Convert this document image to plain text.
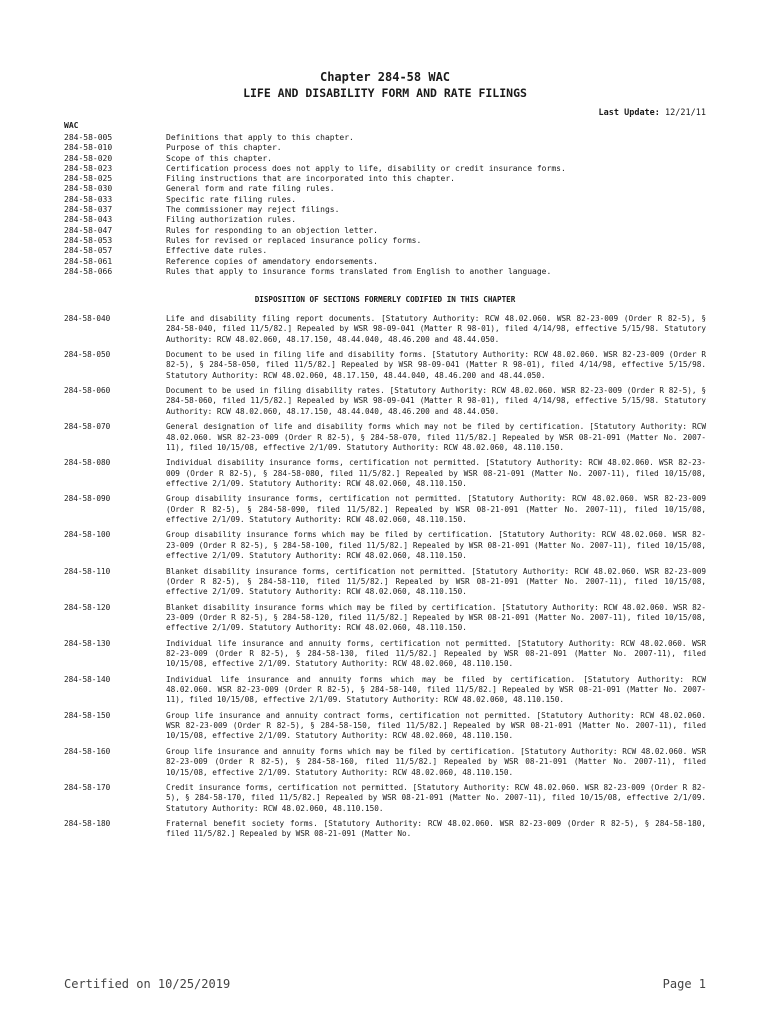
Chapter 284-58 WAC
LIFE AND DISABILITY FORM AND RATE FILINGS
Last Update: 12/21/11
WAC
284-58-005	Definitions that apply to this chapter.
284-58-010	Purpose of this chapter.
284-58-020	Scope of this chapter.
284-58-023	Certification process does not apply to life, disability or credit insurance forms.
284-58-025	Filing instructions that are incorporated into this chapter.
284-58-030	General form and rate filing rules.
284-58-033	Specific rate filing rules.
284-58-037	The commissioner may reject filings.
284-58-043	Filing authorization rules.
284-58-047	Rules for responding to an objection letter.
284-58-053	Rules for revised or replaced insurance policy forms.
284-58-057	Effective date rules.
284-58-061	Reference copies of amendatory endorsements.
284-58-066	Rules that apply to insurance forms translated from English to another language.
DISPOSITION OF SECTIONS FORMERLY CODIFIED IN THIS CHAPTER
284-58-040	Life and disability filing report documents. [Statutory Authority: RCW 48.02.060. WSR 82-23-009 (Order R 82-5), § 284-58-040, filed 11/5/82.] Repealed by WSR 98-09-041 (Matter R 98-01), filed 4/14/98, effective 5/15/98. Statutory Authority: RCW 48.02.060, 48.17.150, 48.44.040, 48.46.200 and 48.44.050.
284-58-050	Document to be used in filing life and disability forms. [Statutory Authority: RCW 48.02.060. WSR 82-23-009 (Order R 82-5), § 284-58-050, filed 11/5/82.] Repealed by WSR 98-09-041 (Matter R 98-01), filed 4/14/98, effective 5/15/98. Statutory Authority: RCW 48.02.060, 48.17.150, 48.44.040, 48.46.200 and 48.44.050.
284-58-060	Document to be used in filing disability rates. [Statutory Authority: RCW 48.02.060. WSR 82-23-009 (Order R 82-5), § 284-58-060, filed 11/5/82.] Repealed by WSR 98-09-041 (Matter R 98-01), filed 4/14/98, effective 5/15/98. Statutory Authority: RCW 48.02.060, 48.17.150, 48.44.040, 48.46.200 and 48.44.050.
284-58-070	General designation of life and disability forms which may not be filed by certification. [Statutory Authority: RCW 48.02.060. WSR 82-23-009 (Order R 82-5), § 284-58-070, filed 11/5/82.] Repealed by WSR 08-21-091 (Matter No. 2007-11), filed 10/15/08, effective 2/1/09. Statutory Authority: RCW 48.02.060, 48.110.150.
284-58-080	Individual disability insurance forms, certification not permitted. [Statutory Authority: RCW 48.02.060. WSR 82-23-009 (Order R 82-5), § 284-58-080, filed 11/5/82.] Repealed by WSR 08-21-091 (Matter No. 2007-11), filed 10/15/08, effective 2/1/09. Statutory Authority: RCW 48.02.060, 48.110.150.
284-58-090	Group disability insurance forms, certification not permitted. [Statutory Authority: RCW 48.02.060. WSR 82-23-009 (Order R 82-5), § 284-58-090, filed 11/5/82.] Repealed by WSR 08-21-091 (Matter No. 2007-11), filed 10/15/08, effective 2/1/09. Statutory Authority: RCW 48.02.060, 48.110.150.
284-58-100	Group disability insurance forms which may be filed by certification. [Statutory Authority: RCW 48.02.060. WSR 82-23-009 (Order R 82-5), § 284-58-100, filed 11/5/82.] Repealed by WSR 08-21-091 (Matter No. 2007-11), filed 10/15/08, effective 2/1/09. Statutory Authority: RCW 48.02.060, 48.110.150.
284-58-110	Blanket disability insurance forms, certification not permitted. [Statutory Authority: RCW 48.02.060. WSR 82-23-009 (Order R 82-5), § 284-58-110, filed 11/5/82.] Repealed by WSR 08-21-091 (Matter No. 2007-11), filed 10/15/08, effective 2/1/09. Statutory Authority: RCW 48.02.060, 48.110.150.
284-58-120	Blanket disability insurance forms which may be filed by certification. [Statutory Authority: RCW 48.02.060. WSR 82-23-009 (Order R 82-5), § 284-58-120, filed 11/5/82.] Repealed by WSR 08-21-091 (Matter No. 2007-11), filed 10/15/08, effective 2/1/09. Statutory Authority: RCW 48.02.060, 48.110.150.
284-58-130	Individual life insurance and annuity forms, certification not permitted. [Statutory Authority: RCW 48.02.060. WSR 82-23-009 (Order R 82-5), § 284-58-130, filed 11/5/82.] Repealed by WSR 08-21-091 (Matter No. 2007-11), filed 10/15/08, effective 2/1/09. Statutory Authority: RCW 48.02.060, 48.110.150.
284-58-140	Individual life insurance and annuity forms which may be filed by certification. [Statutory Authority: RCW 48.02.060. WSR 82-23-009 (Order R 82-5), § 284-58-140, filed 11/5/82.] Repealed by WSR 08-21-091 (Matter No. 2007-11), filed 10/15/08, effective 2/1/09. Statutory Authority: RCW 48.02.060, 48.110.150.
284-58-150	Group life insurance and annuity contract forms, certification not permitted. [Statutory Authority: RCW 48.02.060. WSR 82-23-009 (Order R 82-5), § 284-58-150, filed 11/5/82.] Repealed by WSR 08-21-091 (Matter No. 2007-11), filed 10/15/08, effective 2/1/09. Statutory Authority: RCW 48.02.060, 48.110.150.
284-58-160	Group life insurance and annuity forms which may be filed by certification. [Statutory Authority: RCW 48.02.060. WSR 82-23-009 (Order R 82-5), § 284-58-160, filed 11/5/82.] Repealed by WSR 08-21-091 (Matter No. 2007-11), filed 10/15/08, effective 2/1/09. Statutory Authority: RCW 48.02.060, 48.110.150.
284-58-170	Credit insurance forms, certification not permitted. [Statutory Authority: RCW 48.02.060. WSR 82-23-009 (Order R 82-5), § 284-58-170, filed 11/5/82.] Repealed by WSR 08-21-091 (Matter No. 2007-11), filed 10/15/08, effective 2/1/09. Statutory Authority: RCW 48.02.060, 48.110.150.
284-58-180	Fraternal benefit society forms. [Statutory Authority: RCW 48.02.060. WSR 82-23-009 (Order R 82-5), § 284-58-180, filed 11/5/82.] Repealed by WSR 08-21-091 (Matter No.
Certified on 10/25/2019	Page 1
